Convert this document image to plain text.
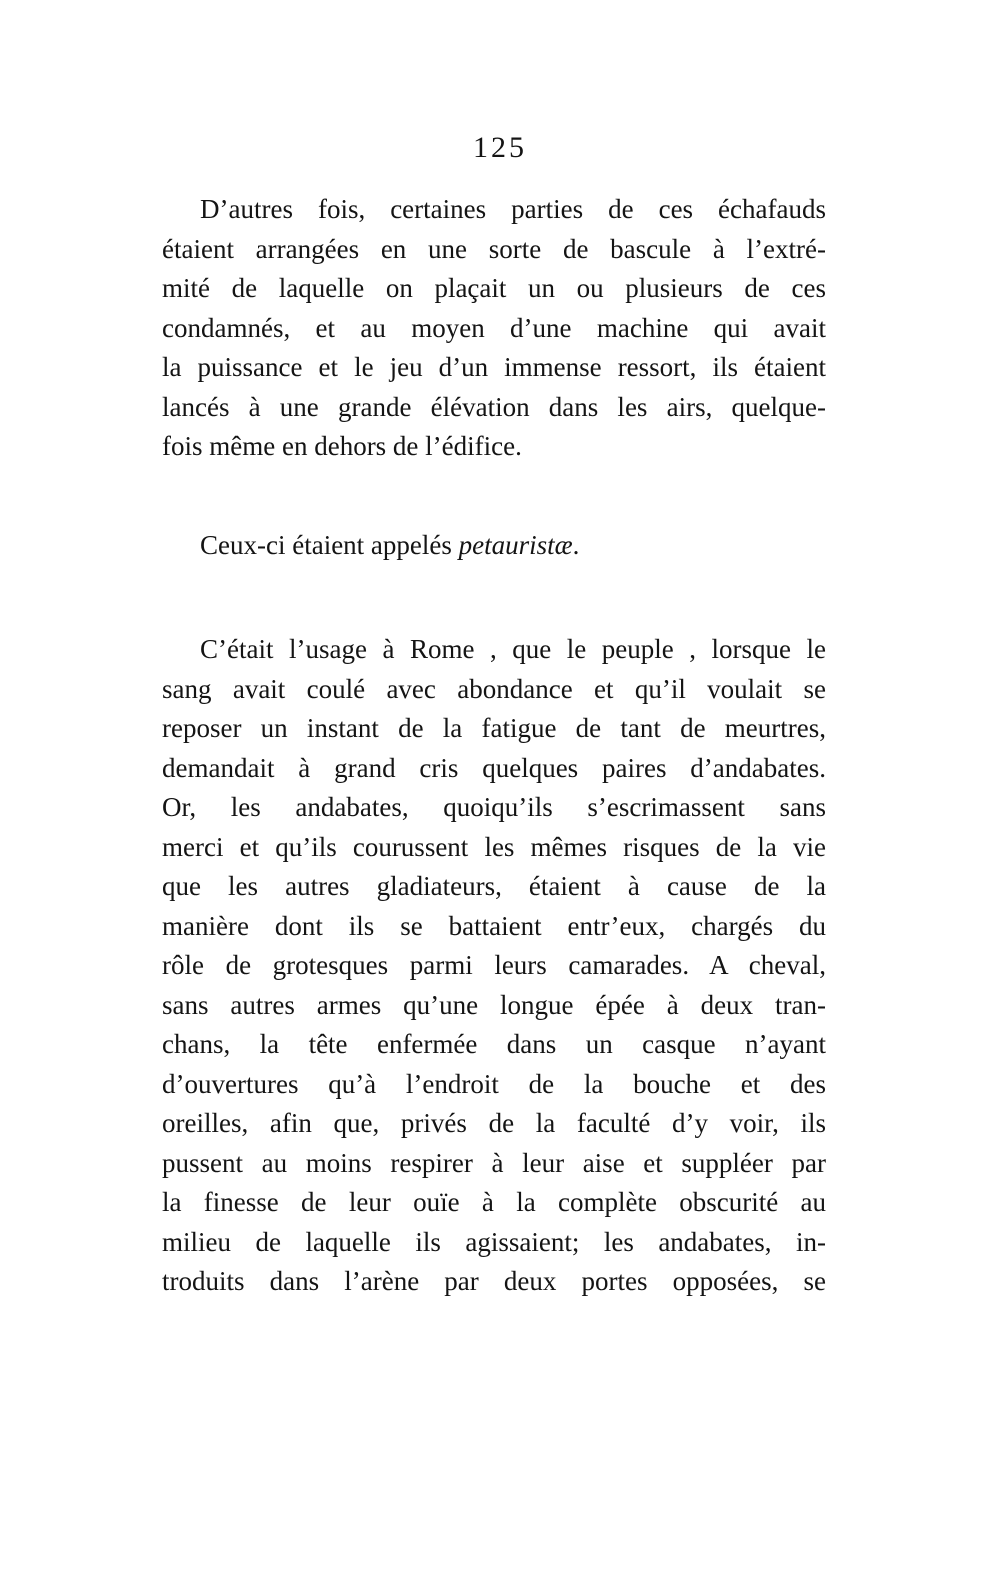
125
D’autres fois, certaines parties de ces échafauds
étaient arrangées en une sorte de bascule à l’extré-
mité de laquelle on plaçait un ou plusieurs de ces
condamnés, et au moyen d’une machine qui avait
la puissance et le jeu d’un immense ressort, ils étaient
lancés à une grande élévation dans les airs, quelque-
fois même en dehors de l’édifice.
Ceux-ci étaient appelés petauristæ.
C’était l’usage à Rome , que le peuple , lorsque le
sang avait coulé avec abondance et qu’il voulait se
reposer un instant de la fatigue de tant de meurtres,
demandait à grand cris quelques paires d’andabates.
Or, les andabates, quoiqu’ils s’escrimassent sans
merci et qu’ils courussent les mêmes risques de la vie
que les autres gladiateurs, étaient à cause de la
manière dont ils se battaient entr’eux, chargés du
rôle de grotesques parmi leurs camarades. A cheval,
sans autres armes qu’une longue épée à deux tran-
chans, la tête enfermée dans un casque n’ayant
d’ouvertures qu’à l’endroit de la bouche et des
oreilles, afin que, privés de la faculté d’y voir, ils
pussent au moins respirer à leur aise et suppléer par
la finesse de leur ouïe à la complète obscurité au
milieu de laquelle ils agissaient; les andabates, in-
troduits dans l’arène par deux portes opposées, se
